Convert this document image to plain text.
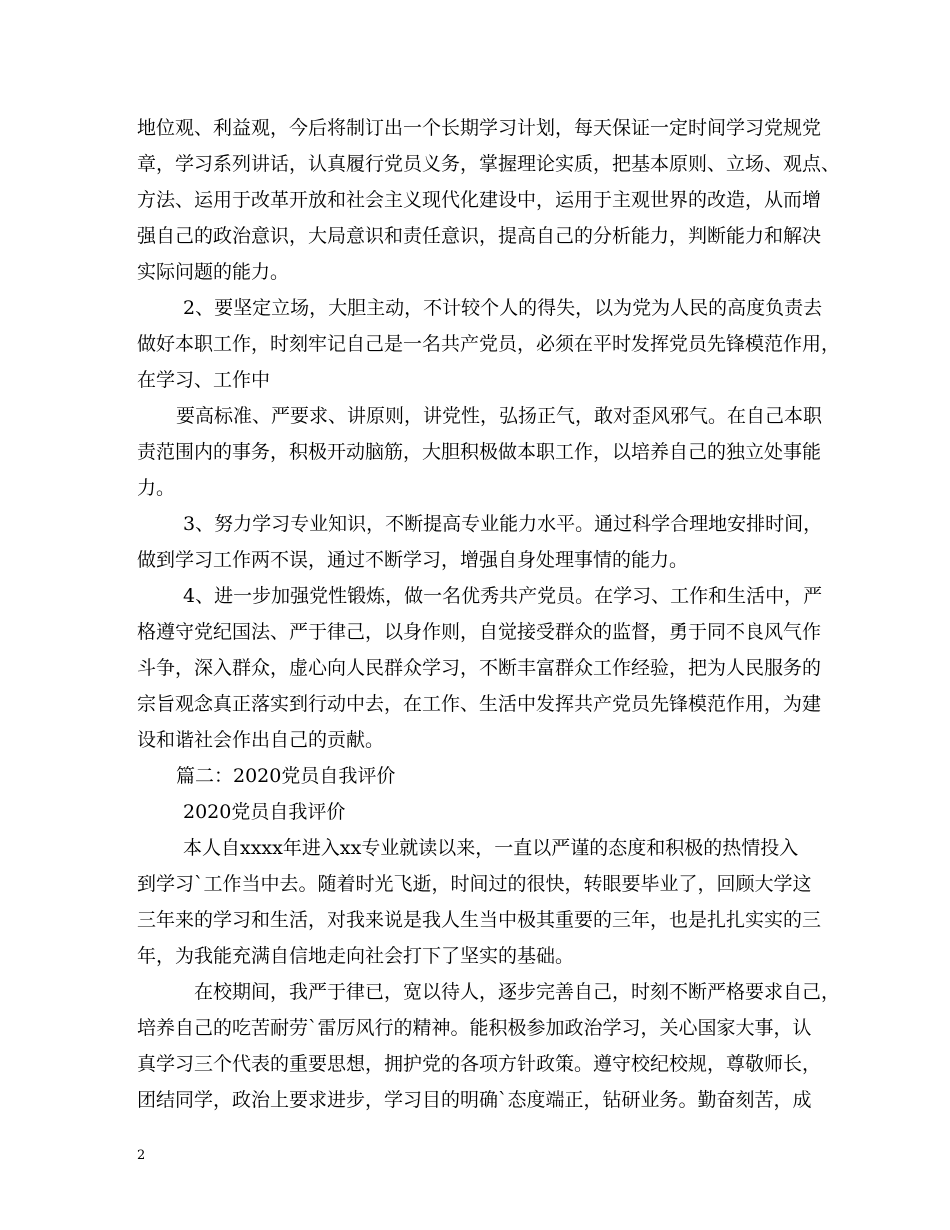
地位观、利益观，今后将制订出一个长期学习计划，每天保证一定时间学习党规党
章，学习系列讲话，认真履行党员义务，掌握理论实质，把基本原则、立场、观点、
方法、运用于改革开放和社会主义现代化建设中，运用于主观世界的改造，从而增
强自己的政治意识，大局意识和责任意识，提高自己的分析能力，判断能力和解决
实际问题的能力。
2、要坚定立场，大胆主动，不计较个人的得失，以为党为人民的高度负责去
做好本职工作，时刻牢记自己是一名共产党员，必须在平时发挥党员先锋模范作用，
在学习、工作中
要高标准、严要求、讲原则，讲党性，弘扬正气，敢对歪风邪气。在自己本职
责范围内的事务，积极开动脑筋，大胆积极做本职工作，以培养自己的独立处事能
力。
3、努力学习专业知识，不断提高专业能力水平。通过科学合理地安排时间，
做到学习工作两不误，通过不断学习，增强自身处理事情的能力。
4、进一步加强党性锻炼，做一名优秀共产党员。在学习、工作和生活中，严
格遵守党纪国法、严于律己，以身作则，自觉接受群众的监督，勇于同不良风气作
斗争，深入群众，虚心向人民群众学习，不断丰富群众工作经验，把为人民服务的
宗旨观念真正落实到行动中去，在工作、生活中发挥共产党员先锋模范作用，为建
设和谐社会作出自己的贡献。
篇二：2020党员自我评价
2020党员自我评价
本人自xxxx年进入xx专业就读以来，一直以严谨的态度和积极的热情投入
到学习`工作当中去。随着时光飞逝，时间过的很快，转眼要毕业了，回顾大学这
三年来的学习和生活，对我来说是我人生当中极其重要的三年，也是扎扎实实的三
年，为我能充满自信地走向社会打下了坚实的基础。
在校期间，我严于律已，宽以待人，逐步完善自己，时刻不断严格要求自己，
培养自己的吃苦耐劳`雷厉风行的精神。能积极参加政治学习，关心国家大事，认
真学习三个代表的重要思想，拥护党的各项方针政策。遵守校纪校规，尊敬师长，
团结同学，政治上要求进步，学习目的明确`态度端正，钻研业务。勤奋刻苦，成
2
